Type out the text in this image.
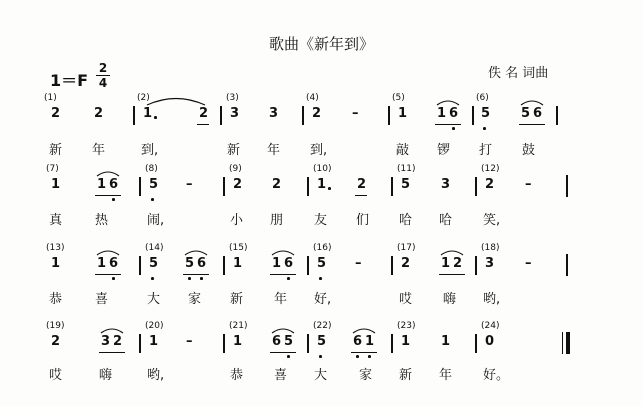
歌曲《新年到》
1＝F
2
4
佚 名 词曲
(1)	(2)	(3)	(4)	(5)	(6)
2	2	1	2 3 3	2 –	1 1 6 5 5 6
新 年	到,	新 年 到,	敲 锣 打 鼓
(7)	(8)	(9)	(10)	(11)	(12)
1	1 6 5 –	2 2	1 2	5 3	2 –
真	热	闹,	小 朋 友 们 哈 哈 笑,
(13)	(14)	(15)	(16)	(17)	(18)
1	1 6 5 5 6 1 1 6 5 –	2 1 2 3 –
恭	喜	大 家 新 年 好,	哎 嗨 哟,
(19)	(20)	(21)	(22)	(23)	(24)
2	3 2 1 –	1 6 5 5 6 1 1 1	0
哎	嗨	哟,	恭 喜 大 家 新 年 好。
